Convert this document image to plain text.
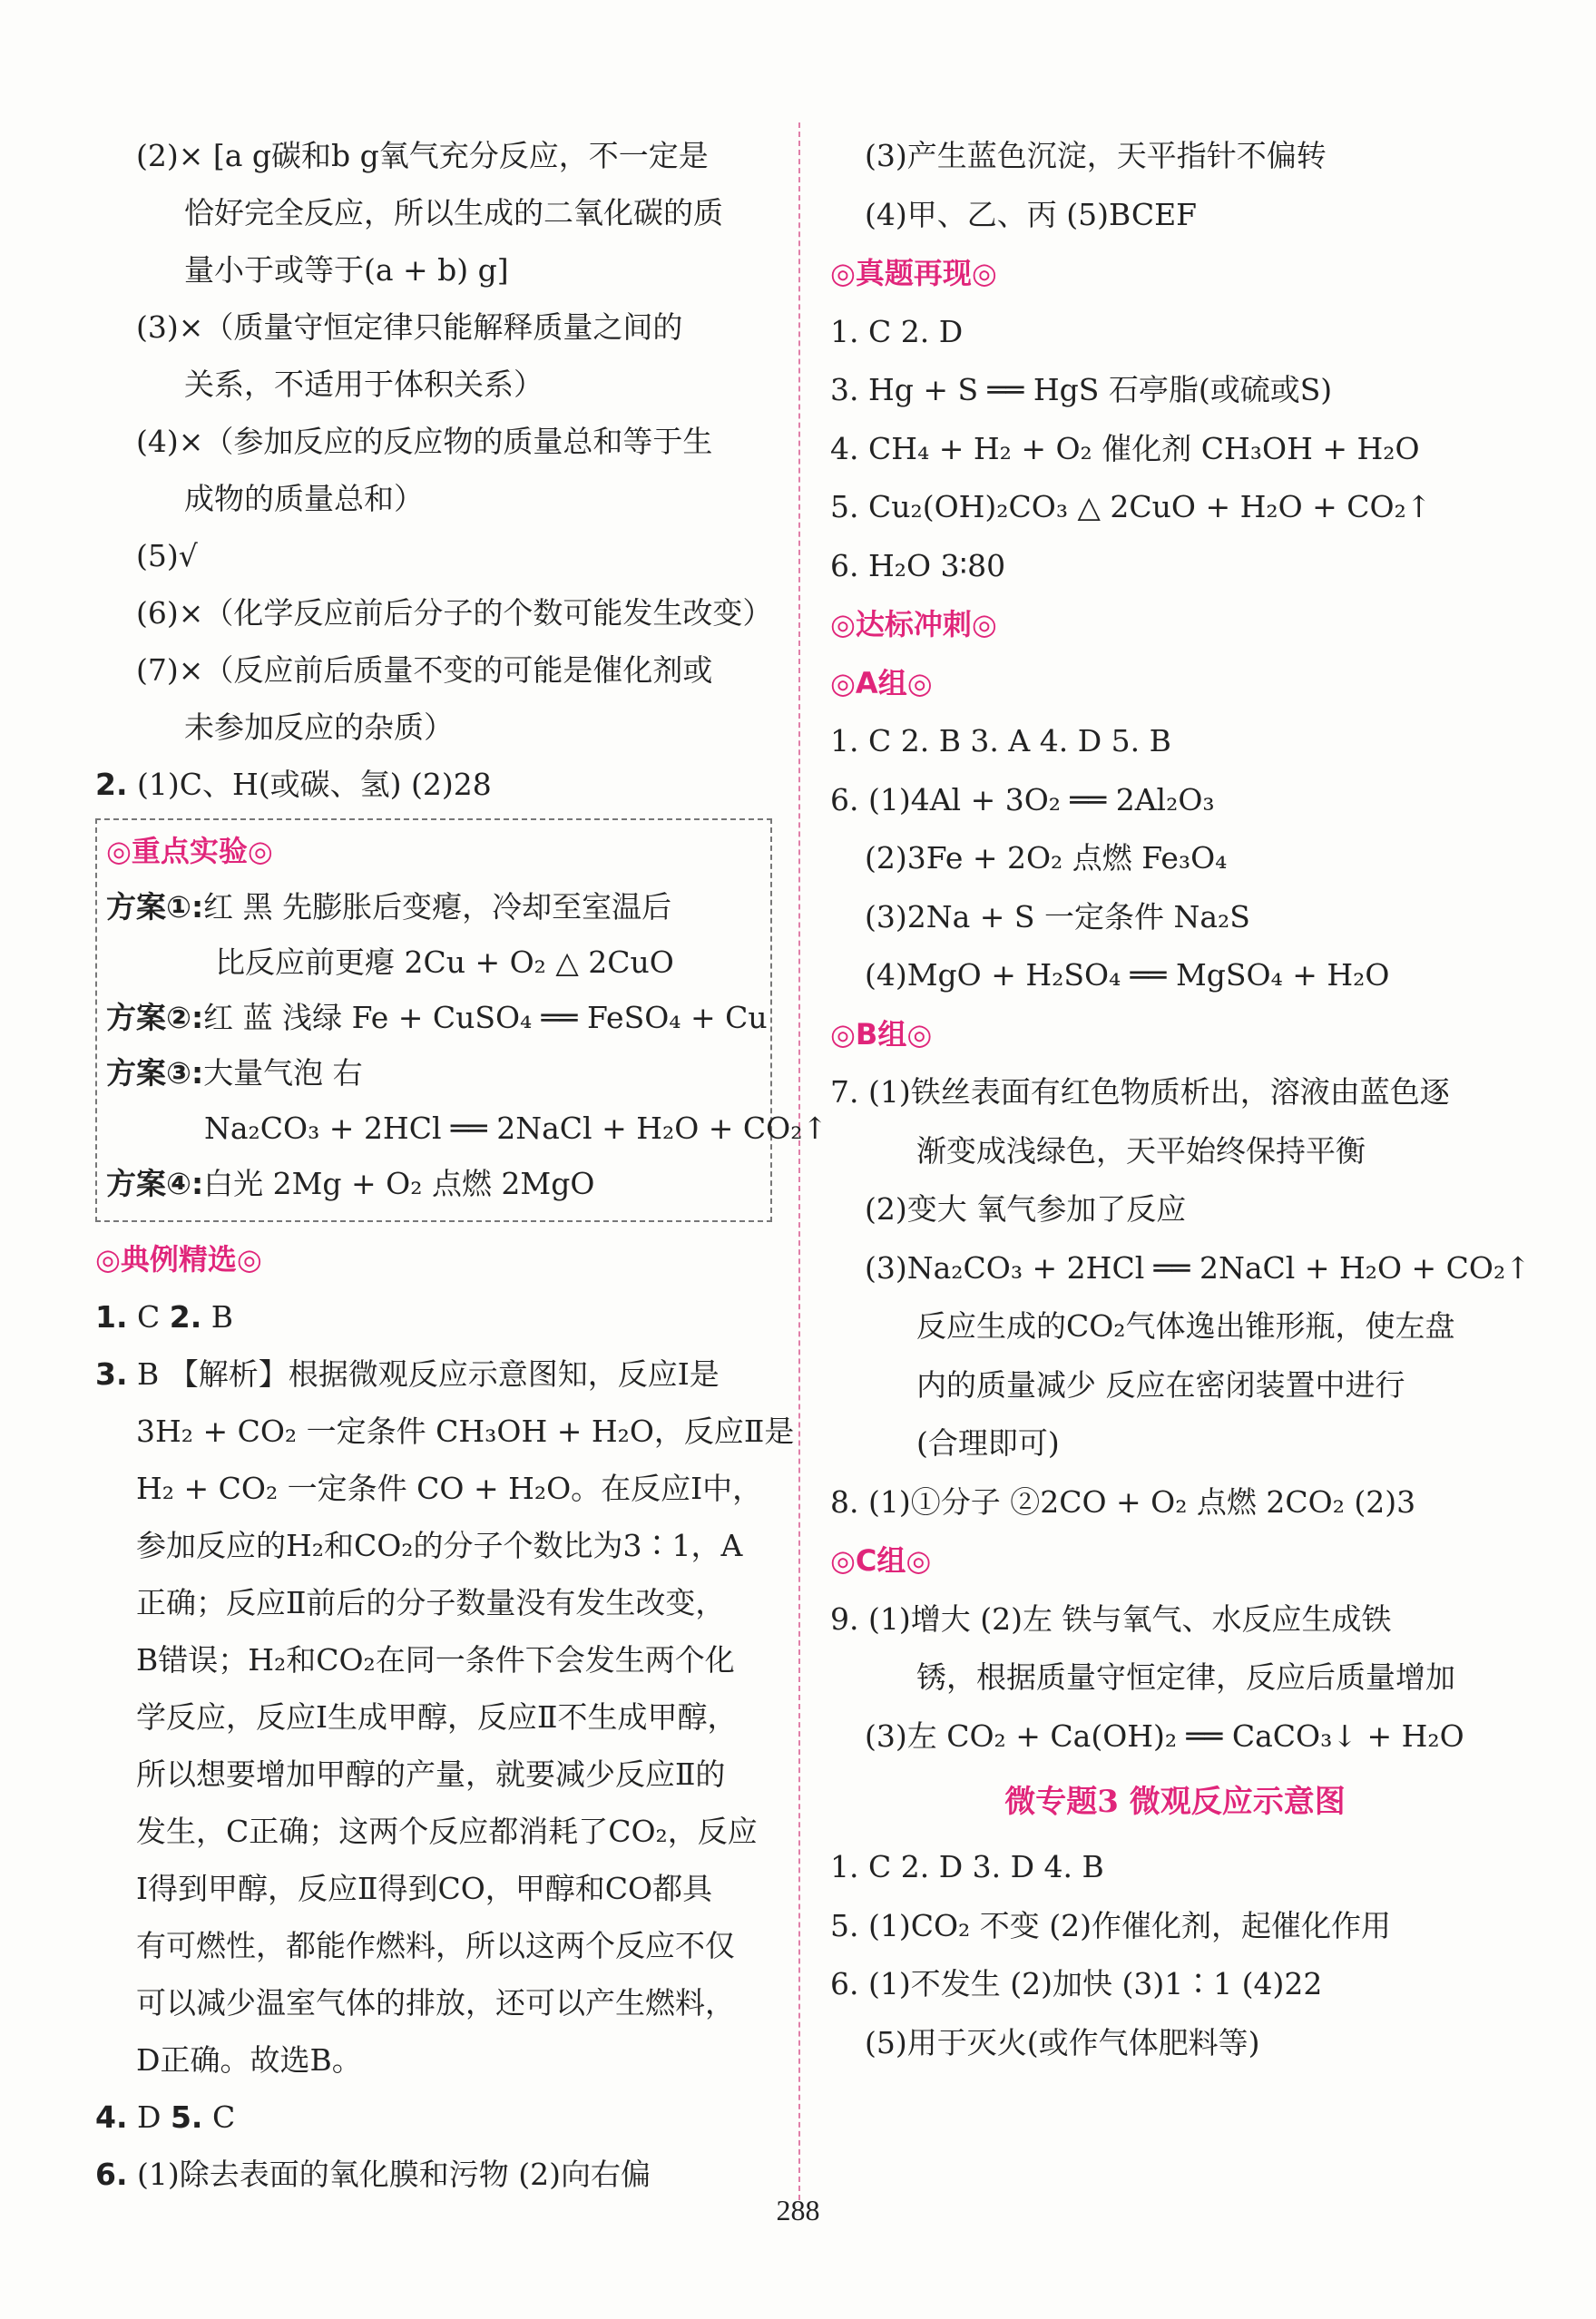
(2)× [a g碳和b g氧气充分反应，不一定是
恰好完全反应，所以生成的二氧化碳的质
量小于或等于(a + b) g]
(3)×（质量守恒定律只能解释质量之间的
关系，不适用于体积关系）
(4)×（参加反应的反应物的质量总和等于生
成物的质量总和）
(5)√
(6)×（化学反应前后分子的个数可能发生改变）
(7)×（反应前后质量不变的可能是催化剂或
未参加反应的杂质）
2. (1)C、H(或碳、氢) (2)28
◎重点实验◎
方案①:红 黑 先膨胀后变瘪，冷却至室温后
比反应前更瘪 2Cu + O₂ △ 2CuO
方案②:红 蓝 浅绿 Fe + CuSO₄ ══ FeSO₄ + Cu
方案③:大量气泡 右
Na₂CO₃ + 2HCl ══ 2NaCl + H₂O + CO₂↑
方案④:白光 2Mg + O₂ 点燃 2MgO
◎典例精选◎
1. C 2. B
3. B 【解析】根据微观反应示意图知，反应Ⅰ是
3H₂ + CO₂ 一定条件 CH₃OH + H₂O，反应Ⅱ是
H₂ + CO₂ 一定条件 CO + H₂O。在反应Ⅰ中，
参加反应的H₂和CO₂的分子个数比为3∶1，A
正确；反应Ⅱ前后的分子数量没有发生改变，
B错误；H₂和CO₂在同一条件下会发生两个化
学反应，反应Ⅰ生成甲醇，反应Ⅱ不生成甲醇，
所以想要增加甲醇的产量，就要减少反应Ⅱ的
发生，C正确；这两个反应都消耗了CO₂，反应
Ⅰ得到甲醇，反应Ⅱ得到CO，甲醇和CO都具
有可燃性，都能作燃料，所以这两个反应不仅
可以减少温室气体的排放，还可以产生燃料，
D正确。故选B。
4. D 5. C
6. (1)除去表面的氧化膜和污物 (2)向右偏
(3)产生蓝色沉淀，天平指针不偏转
(4)甲、乙、丙 (5)BCEF
◎真题再现◎
1. C 2. D
3. Hg + S ══ HgS 石亭脂(或硫或S)
4. CH₄ + H₂ + O₂ 催化剂 CH₃OH + H₂O
5. Cu₂(OH)₂CO₃ △ 2CuO + H₂O + CO₂↑
6. H₂O 3∶80
◎达标冲刺◎
◎A组◎
1. C 2. B 3. A 4. D 5. B
6. (1)4Al + 3O₂ ══ 2Al₂O₃
(2)3Fe + 2O₂ 点燃 Fe₃O₄
(3)2Na + S 一定条件 Na₂S
(4)MgO + H₂SO₄ ══ MgSO₄ + H₂O
◎B组◎
7. (1)铁丝表面有红色物质析出，溶液由蓝色逐
渐变成浅绿色，天平始终保持平衡
(2)变大 氧气参加了反应
(3)Na₂CO₃ + 2HCl ══ 2NaCl + H₂O + CO₂↑
反应生成的CO₂气体逸出锥形瓶，使左盘
内的质量减少 反应在密闭装置中进行
(合理即可)
8. (1)①分子 ②2CO + O₂ 点燃 2CO₂ (2)3
◎C组◎
9. (1)增大 (2)左 铁与氧气、水反应生成铁
锈，根据质量守恒定律，反应后质量增加
(3)左 CO₂ + Ca(OH)₂ ══ CaCO₃↓ + H₂O
微专题3 微观反应示意图
1. C 2. D 3. D 4. B
5. (1)CO₂ 不变 (2)作催化剂，起催化作用
6. (1)不发生 (2)加快 (3)1∶1 (4)22
(5)用于灭火(或作气体肥料等)
288
